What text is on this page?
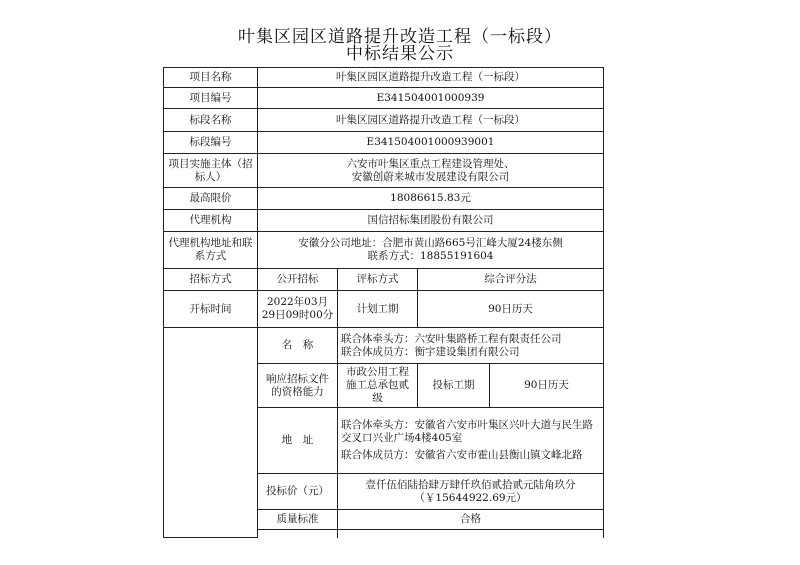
叶集区园区道路提升改造工程（一标段）
中标结果公示
项目名称	叶集区园区道路提升改造工程（一标段）			
项目编号	E341504001000939			
标段名称	叶集区园区道路提升改造工程（一标段）			
标段编号	E341504001000939001			
项目实施主体（招标人）	六安市叶集区重点工程建设管理处、
安徽创蔚来城市发展建设有限公司			

最高限价	18086615.83元			
代理机构	国信招标集团股份有限公司			
代理机构地址和联系方式	安徽分公司地址：合肥市黄山路665号汇峰大厦24楼东侧
联系方式：18855191604			

招标方式	公开招标	评标方式	综合评分法	
开标时间	2022年03月29日09时00分	计划工期	90日历天	
	名　称	联合体牵头方：六安叶集路桥工程有限责任公司
联合体成员方：衡宇建设集团有限公司		

	响应招标文件的资格能力	市政公用工程施工总承包贰级	投标工期	90日历天
	地　址	联合体牵头方：安徽省六安市叶集区兴叶大道与民生路交叉口兴业广场4楼405室
联合体成员方：安徽省六安市霍山县衡山镇文峰北路		

	投标价（元）	壹仟伍佰陆拾肆万肆仟玖佰贰拾贰元陆角玖分（￥15644922.69元）		
	质量标准	合格		
